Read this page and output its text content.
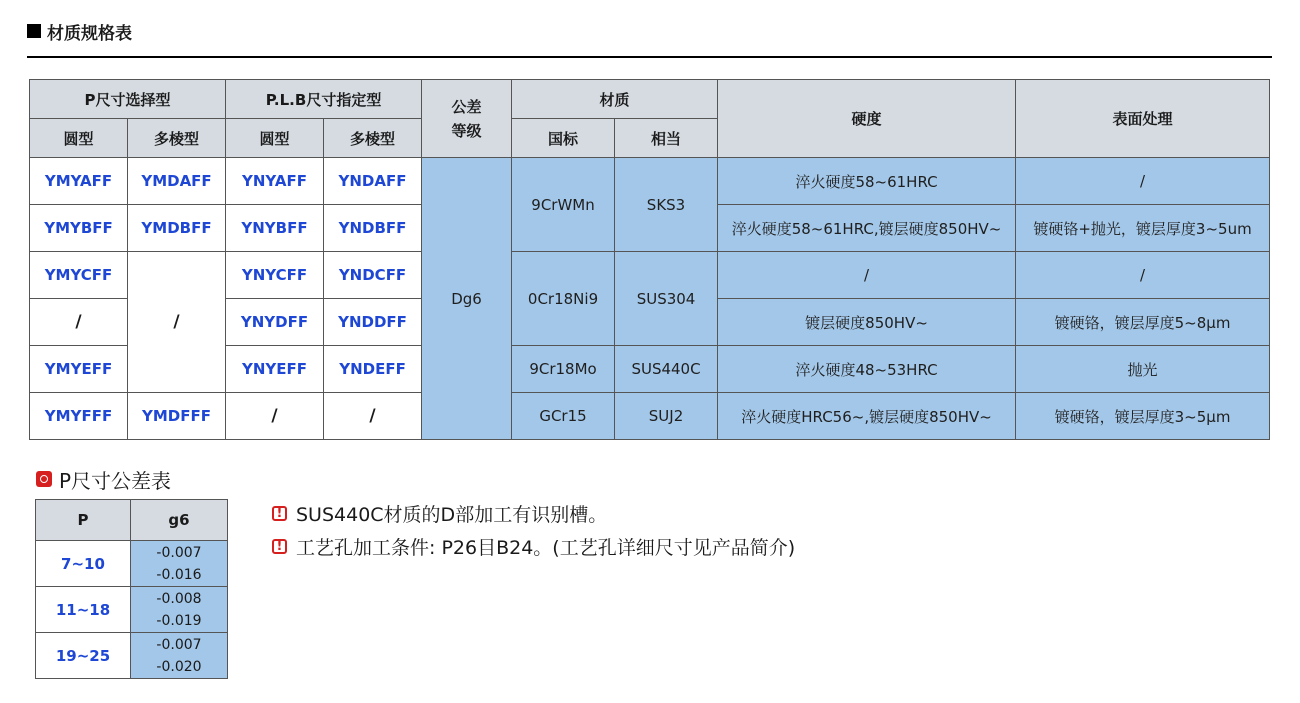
材质规格表
P尺寸选择型		P.L.B尺寸指定型		公差
等级	材质		硬度	表面处理
圆型	多棱型	圆型	多棱型		国标	相当		
YMYAFF	YMDAFF	YNYAFF	YNDAFF	Dg6	9CrWMn	SKS3	淬火硬度58~61HRC	/
YMYBFF	YMDBFF	YNYBFF	YNDBFF				淬火硬度58~61HRC,镀层硬度850HV~	镀硬铬+抛光，镀层厚度3~5um
YMYCFF	/	YNYCFF	YNDCFF		0Cr18Ni9	SUS304	/	/
/		YNYDFF	YNDDFF				镀层硬度850HV~	镀硬铬，镀层厚度5~8μm
YMYEFF		YNYEFF	YNDEFF		9Cr18Mo	SUS440C	淬火硬度48~53HRC	抛光
YMYFFF	YMDFFF	/	/		GCr15	SUJ2	淬火硬度HRC56~,镀层硬度850HV~	镀硬铬，镀层厚度3~5μm
P尺寸公差表
P	g6
7~10	-0.007
-0.016

11~18	-0.008
-0.019

19~25	-0.007
-0.020
! SUS440C材质的D部加工有识别槽。
! 工艺孔加工条件: P26目B24。(工艺孔详细尺寸见产品简介)
